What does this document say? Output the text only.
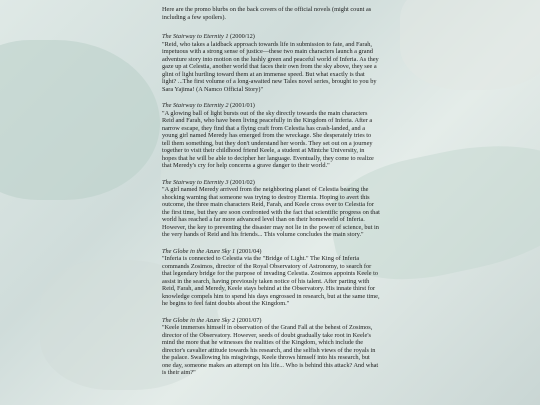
Here are the promo blurbs on the back covers of the official novels (might count as including a few spoilers).

The Stairway to Eternity 1 (2000/12)

"Reid, who takes a laidback approach towards life in submission to fate, and Farah, impetuous with a strong sense of justice—these two main characters launch a grand adventure story into motion on the lushly green and peaceful world of Inferia. As they gaze up at Celestia, another world that faces their own from the sky above, they see a glint of light hurtling toward them at an immense speed. But what exactly is that light? ...The first volume of a long-awaited new Tales novel series, brought to you by Sara Yajima! (A Namco Official Story)"

The Stairway to Eternity 2 (2001/01)

"A glowing ball of light bursts out of the sky directly towards the main characters Reid and Farah, who have been living peacefully in the Kingdom of Inferia. After a narrow escape, they find that a flying craft from Celestia has crash-landed, and a young girl named Meredy has emerged from the wreckage. She desperately tries to tell them something, but they don't understand her words. They set out on a journey together to visit their childhood friend Keele, a student at Mintche University, in hopes that he will be able to decipher her language. Eventually, they come to realize that Meredy's cry for help concerns a grave danger to their world."

The Stairway to Eternity 3 (2001/02)

"A girl named Meredy arrived from the neighboring planet of Celestia bearing the shocking warning that someone was trying to destroy Eternia. Hoping to avert this outcome, the three main characters Reid, Farah, and Keele cross over to Celestia for the first time, but they are soon confronted with the fact that scientific progress on that world has reached a far more advanced level than on their homeworld of Inferia. However, the key to preventing the disaster may not lie in the power of science, but in the very hands of Reid and his friends... This volume concludes the main story."

The Globe in the Azure Sky 1 (2001/04)

"Inferia is connected to Celestia via the "Bridge of Light." The King of Inferia commands Zosimos, director of the Royal Observatory of Astronomy, to search for that legendary bridge for the purpose of invading Celestia. Zosimos appoints Keele to assist in the search, having previously taken notice of his talent. After parting with Reid, Farah, and Meredy, Keele stays behind at the Observatory. His innate thirst for knowledge compels him to spend his days engrossed in research, but at the same time, he begins to feel faint doubts about the Kingdom."

The Globe in the Azure Sky 2 (2001/07)

"Keele immerses himself in observation of the Grand Fall at the behest of Zosimos, director of the Observatory. However, seeds of doubt gradually take root in Keele's mind the more that he witnesses the realities of the Kingdom, which include the director's cavalier attitude towards his research, and the selfish views of the royals in the palace. Swallowing his misgivings, Keele throws himself into his research, but one day, someone makes an attempt on his life... Who is behind this attack? And what is their aim?"
